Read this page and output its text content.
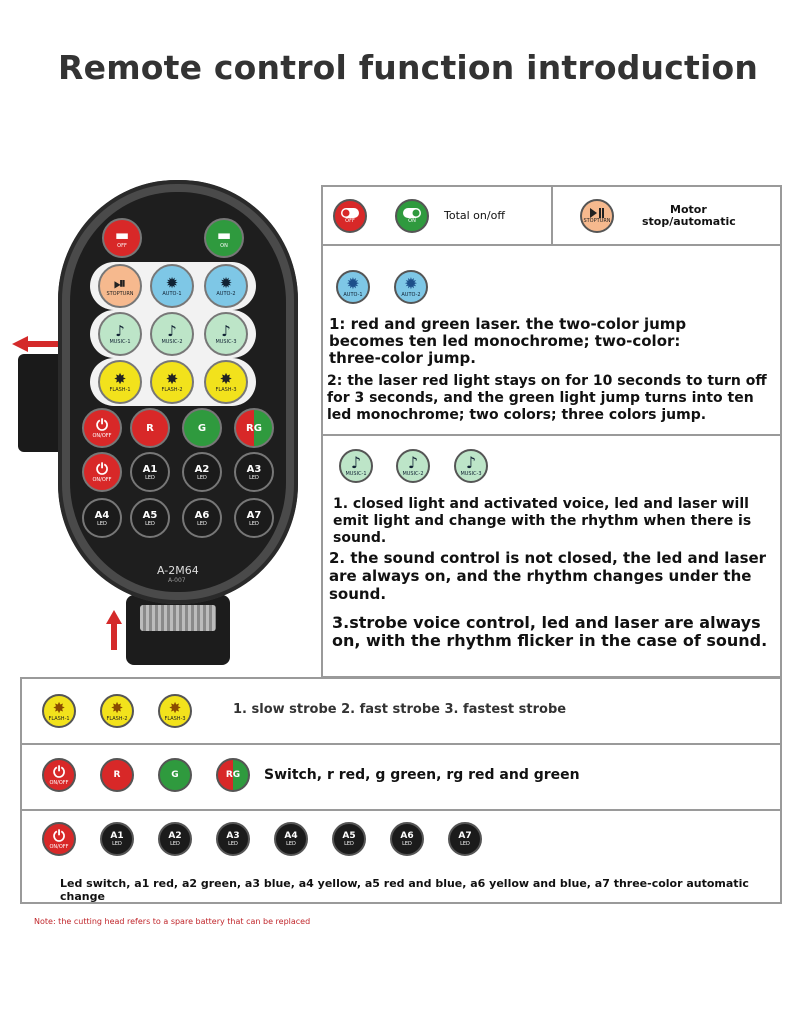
Remote control function introduction
A-2M64
A-007
▬
OFF
▬
ON
⏯
STOPTURN
✹
AUTO-1
✹
AUTO-2
♪
MUSIC-1
♪
MUSIC-2
♪
MUSIC-3
✸
FLASH-1
✸
FLASH-2
✸
FLASH-3
⏻
ON/OFF
R	G	RG
⏻
ON/OFF
A1
LED
A2
LED
A3
LED
A4
LED
A5
LED
A6
LED
A7
LED
OFF	ON	Total on/off	STOPTURN
Motor
stop/automatic
✹
AUTO-1
✹
AUTO-2
1: red and green laser. the two-color jump
becomes ten led monochrome; two-color:
three-color jump.
2: the laser red light stays on for 10 seconds to turn off
for 3 seconds, and the green light jump turns into ten
led monochrome; two colors; three colors jump.
♪
MUSIC-1
♪
MUSIC-2
♪
MUSIC-3
1. closed light and activated voice, led and laser will
emit light and change with the rhythm when there is
sound.
2. the sound control is not closed, the led and laser
are always on, and the rhythm changes under the
sound.
3.strobe voice control, led and laser are always
on, with the rhythm flicker in the case of sound.
✸
FLASH-1
✸
FLASH-2
✸
FLASH-3
1. slow strobe 2. fast strobe 3. fastest strobe
⏻
ON/OFF
R	G	RG Switch, r red, g green, rg red and green
⏻
ON/OFF
A1
LED
A2
LED
A3
LED
A4
LED
A5
LED
A6
LED
A7
LED
Led switch, a1 red, a2 green, a3 blue, a4 yellow, a5 red and blue, a6 yellow and blue, a7 three-color automatic change
Note: the cutting head refers to a spare battery that can be replaced
